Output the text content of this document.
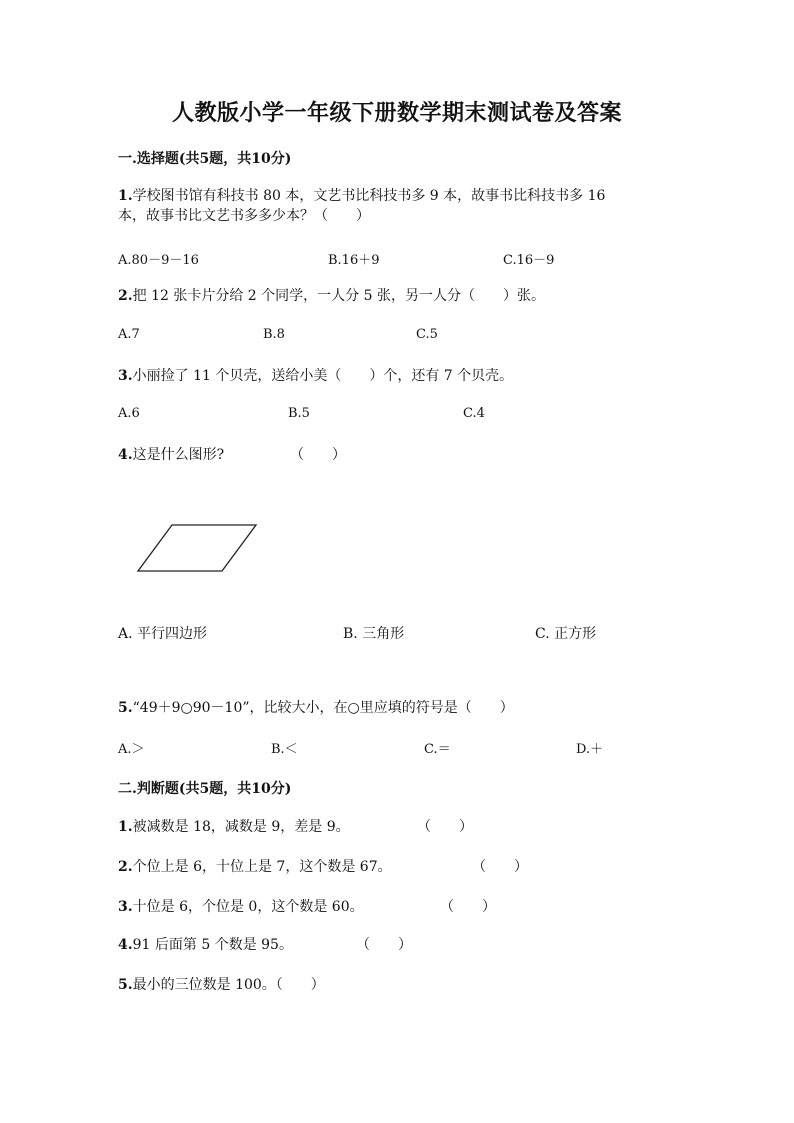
人教版小学一年级下册数学期末测试卷及答案
一.选择题(共5题，共10分)
1.学校图书馆有科技书 80 本，文艺书比科技书多 9 本，故事书比科技书多 16
本，故事书比文艺书多多少本？（　　）
A.80－9－16	B.16＋9	C.16－9
2.把 12 张卡片分给 2 个同学，一人分 5 张，另一人分（　　）张。
A.7	B.8	C.5
3.小丽捡了 11 个贝壳，送给小美（　　）个，还有 7 个贝壳。
A.6	B.5	C.4
4.这是什么图形?	（　　）
A. 平行四边形	B. 三角形	C. 正方形
5.“49＋9○90－10”，比较大小，在○里应填的符号是（　　）
A.＞	B.＜	C.＝	D.＋
二.判断题(共5题，共10分)
1.被减数是 18，减数是 9，差是 9。	（　　）
2.个位上是 6，十位上是 7，这个数是 67。	（　　）
3.十位是 6，个位是 0，这个数是 60。	（　　）
4.91 后面第 5 个数是 95。	（　　）
5.最小的三位数是 100。（　　）
